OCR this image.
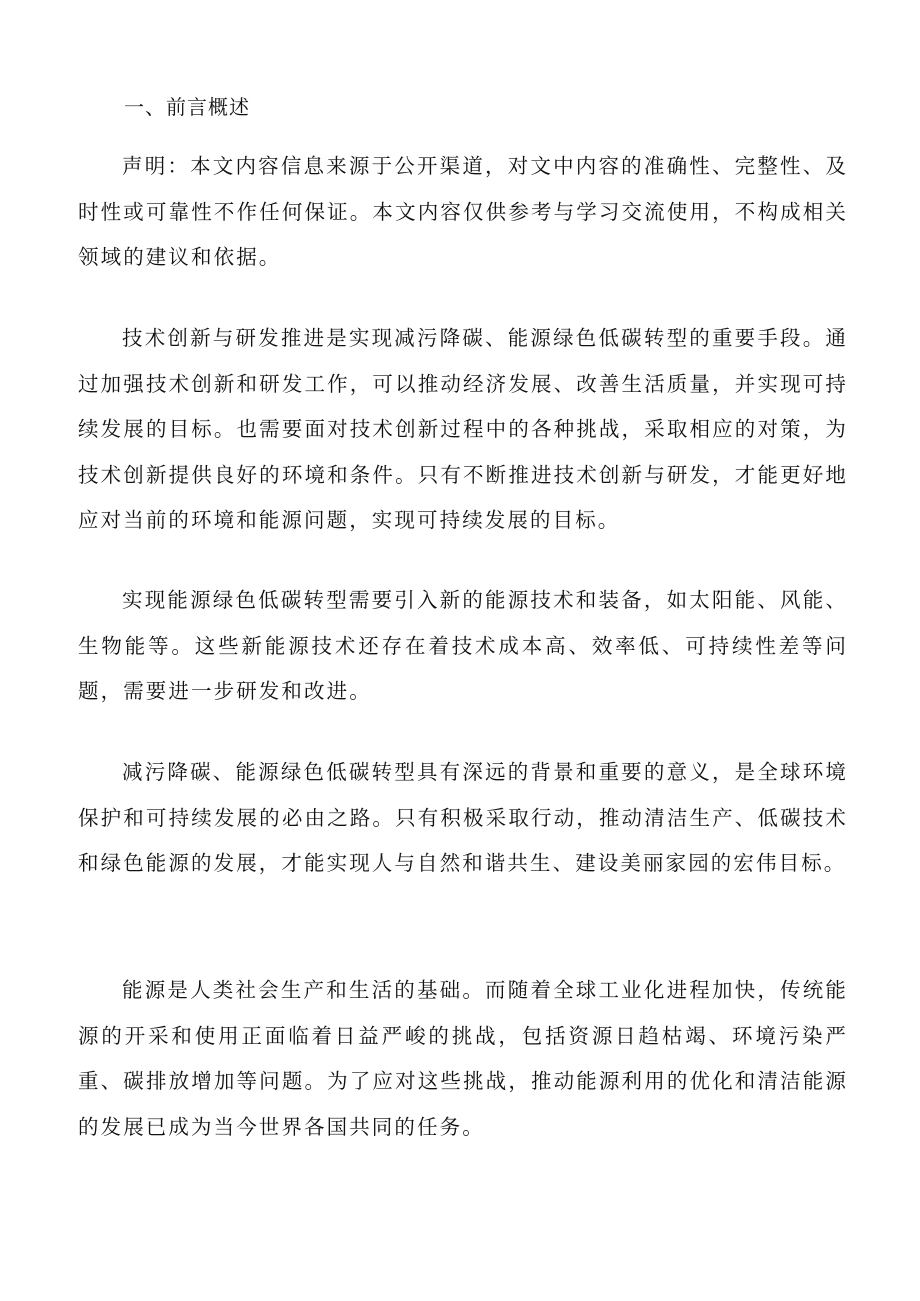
一、前言概述

声明：本文内容信息来源于公开渠道，对文中内容的准确性、完整性、及时性或可靠性不作任何保证。本文内容仅供参考与学习交流使用，不构成相关领域的建议和依据。

技术创新与研发推进是实现减污降碳、能源绿色低碳转型的重要手段。通过加强技术创新和研发工作，可以推动经济发展、改善生活质量，并实现可持续发展的目标。也需要面对技术创新过程中的各种挑战，采取相应的对策，为技术创新提供良好的环境和条件。只有不断推进技术创新与研发，才能更好地应对当前的环境和能源问题，实现可持续发展的目标。

实现能源绿色低碳转型需要引入新的能源技术和装备，如太阳能、风能、生物能等。这些新能源技术还存在着技术成本高、效率低、可持续性差等问题，需要进一步研发和改进。

减污降碳、能源绿色低碳转型具有深远的背景和重要的意义，是全球环境保护和可持续发展的必由之路。只有积极采取行动，推动清洁生产、低碳技术和绿色能源的发展，才能实现人与自然和谐共生、建设美丽家园的宏伟目标。

能源是人类社会生产和生活的基础。而随着全球工业化进程加快，传统能源的开采和使用正面临着日益严峻的挑战，包括资源日趋枯竭、环境污染严重、碳排放增加等问题。为了应对这些挑战，推动能源利用的优化和清洁能源的发展已成为当今世界各国共同的任务。
